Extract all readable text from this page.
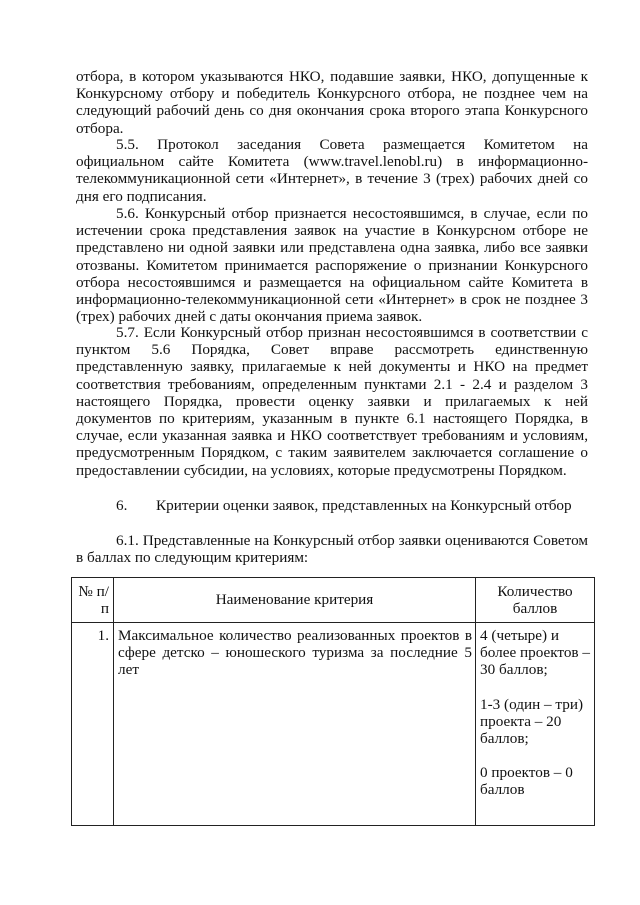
отбора, в котором указываются НКО, подавшие заявки, НКО, допущенные к Конкурсному отбору и победитель Конкурсного отбора, не позднее чем на следующий рабочий день со дня окончания срока второго этапа Конкурсного отбора.

5.5. Протокол заседания Совета размещается Комитетом на официальном сайте Комитета (www.travel.lenobl.ru) в информационно-телекоммуникационной сети «Интернет», в течение 3 (трех) рабочих дней со дня его подписания.

5.6. Конкурсный отбор признается несостоявшимся, в случае, если по истечении срока представления заявок на участие в Конкурсном отборе не представлено ни одной заявки или представлена одна заявка, либо все заявки отозваны. Комитетом принимается распоряжение о признании Конкурсного отбора несостоявшимся и размещается на официальном сайте Комитета в информационно-телекоммуникационной сети «Интернет» в срок не позднее 3 (трех) рабочих дней с даты окончания приема заявок.

5.7. Если Конкурсный отбор признан несостоявшимся в соответствии с пунктом 5.6 Порядка, Совет вправе рассмотреть единственную представленную заявку, прилагаемые к ней документы и НКО на предмет соответствия требованиям, определенным пунктами 2.1 - 2.4 и разделом 3 настоящего Порядка, провести оценку заявки и прилагаемых к ней документов по критериям, указанным в пункте 6.1 настоящего Порядка, в случае, если указанная заявка и НКО соответствует требованиям и условиям, предусмотренным Порядком, с таким заявителем заключается соглашение о предоставлении субсидии, на условиях, которые предусмотрены Порядком.

6. Критерии оценки заявок, представленных на Конкурсный отбор

6.1. Представленные на Конкурсный отбор заявки оцениваются Советом в баллах по следующим критериям:

№ п/п	Наименование критерия	Количество баллов
1.	Максимальное количество реализованных проектов в сфере детско – юношеского туризма за последние 5 лет	4 (четыре) и более проектов – 30 баллов;
1-3 (один – три) проекта – 20 баллов;
0 проектов – 0 баллов
